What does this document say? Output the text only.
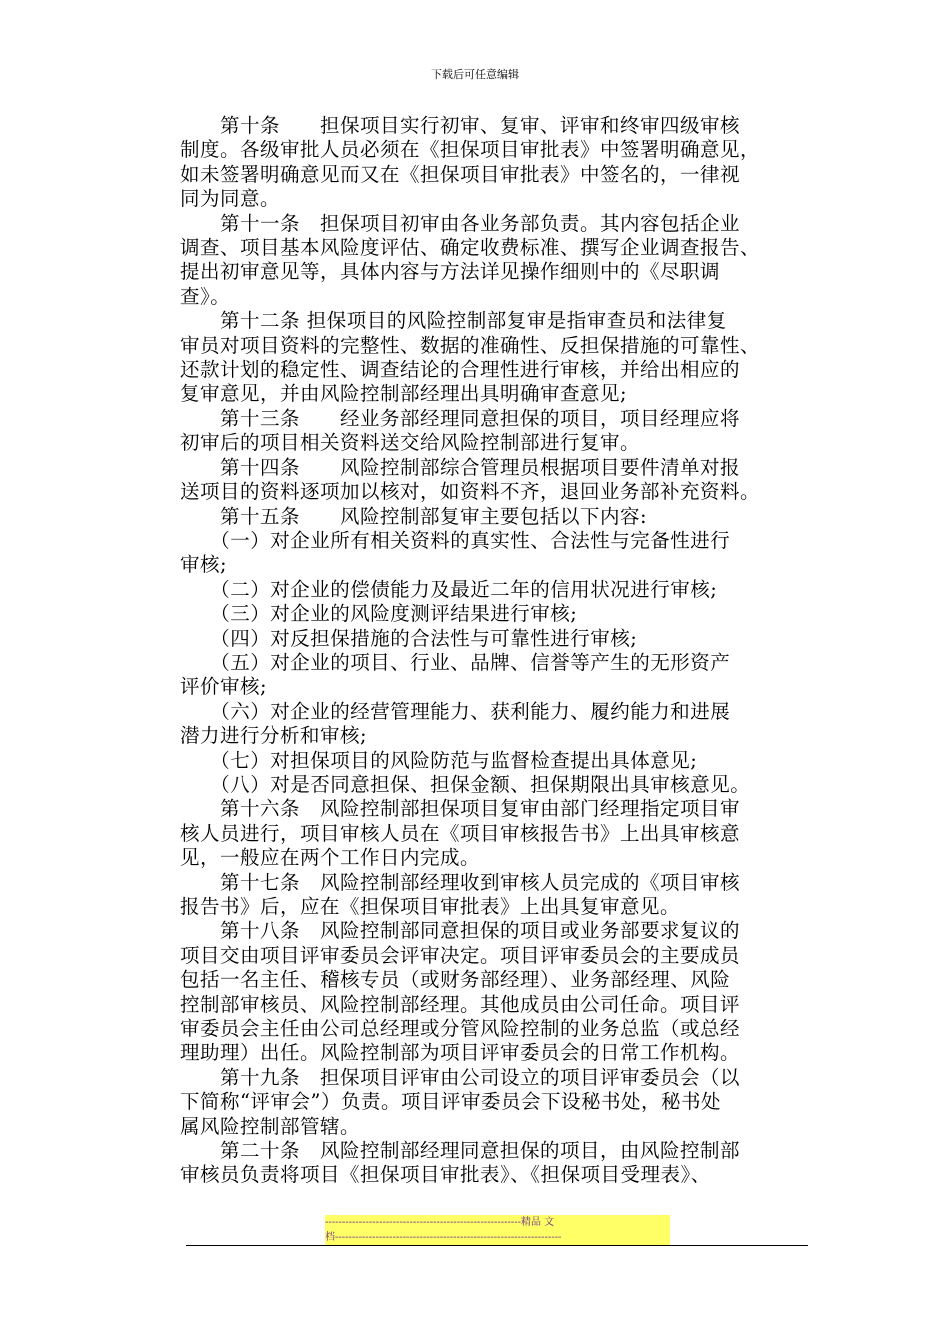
下载后可任意编辑
　　第十条　　担保项目实行初审、复审、评审和终审四级审核
制度。各级审批人员必须在《担保项目审批表》中签署明确意见，
如未签署明确意见而又在《担保项目审批表》中签名的，一律视
同为同意。
　　第十一条　担保项目初审由各业务部负责。其内容包括企业
调查、项目基本风险度评估、确定收费标准、撰写企业调查报告、
提出初审意见等，具体内容与方法详见操作细则中的《尽职调
查》。
　　第十二条 担保项目的风险控制部复审是指审查员和法律复
审员对项目资料的完整性、数据的准确性、反担保措施的可靠性、
还款计划的稳定性、调查结论的合理性进行审核，并给出相应的
复审意见，并由风险控制部经理出具明确审查意见;
　　第十三条　　经业务部经理同意担保的项目，项目经理应将
初审后的项目相关资料送交给风险控制部进行复审。
　　第十四条　　风险控制部综合管理员根据项目要件清单对报
送项目的资料逐项加以核对，如资料不齐，退回业务部补充资料。
　　第十五条　　风险控制部复审主要包括以下内容:
　　（一）对企业所有相关资料的真实性、合法性与完备性进行
审核;
　　（二）对企业的偿债能力及最近二年的信用状况进行审核;
　　（三）对企业的风险度测评结果进行审核;
　　（四）对反担保措施的合法性与可靠性进行审核;
　　（五）对企业的项目、行业、品牌、信誉等产生的无形资产
评价审核;
　　（六）对企业的经营管理能力、获利能力、履约能力和进展
潜力进行分析和审核;
　　（七）对担保项目的风险防范与监督检查提出具体意见;
　　（八）对是否同意担保、担保金额、担保期限出具审核意见。
　　第十六条　风险控制部担保项目复审由部门经理指定项目审
核人员进行，项目审核人员在《项目审核报告书》上出具审核意
见，一般应在两个工作日内完成。
　　第十七条　风险控制部经理收到审核人员完成的《项目审核
报告书》后，应在《担保项目审批表》上出具复审意见。
　　第十八条　风险控制部同意担保的项目或业务部要求复议的
项目交由项目评审委员会评审决定。项目评审委员会的主要成员
包括一名主任、稽核专员（或财务部经理）、业务部经理、风险
控制部审核员、风险控制部经理。其他成员由公司任命。项目评
审委员会主任由公司总经理或分管风险控制的业务总监（或总经
理助理）出任。风险控制部为项目评审委员会的日常工作机构。
　　第十九条　担保项目评审由公司设立的项目评审委员会（以
下简称“评审会”）负责。项目评审委员会下设秘书处，秘书处
属风险控制部管辖。
　　第二十条　风险控制部经理同意担保的项目，由风险控制部
审核员负责将项目《担保项目审批表》、《担保项目受理表》、
----------------------------------------------------------精品 文
档-------------------------------------------------------------------
